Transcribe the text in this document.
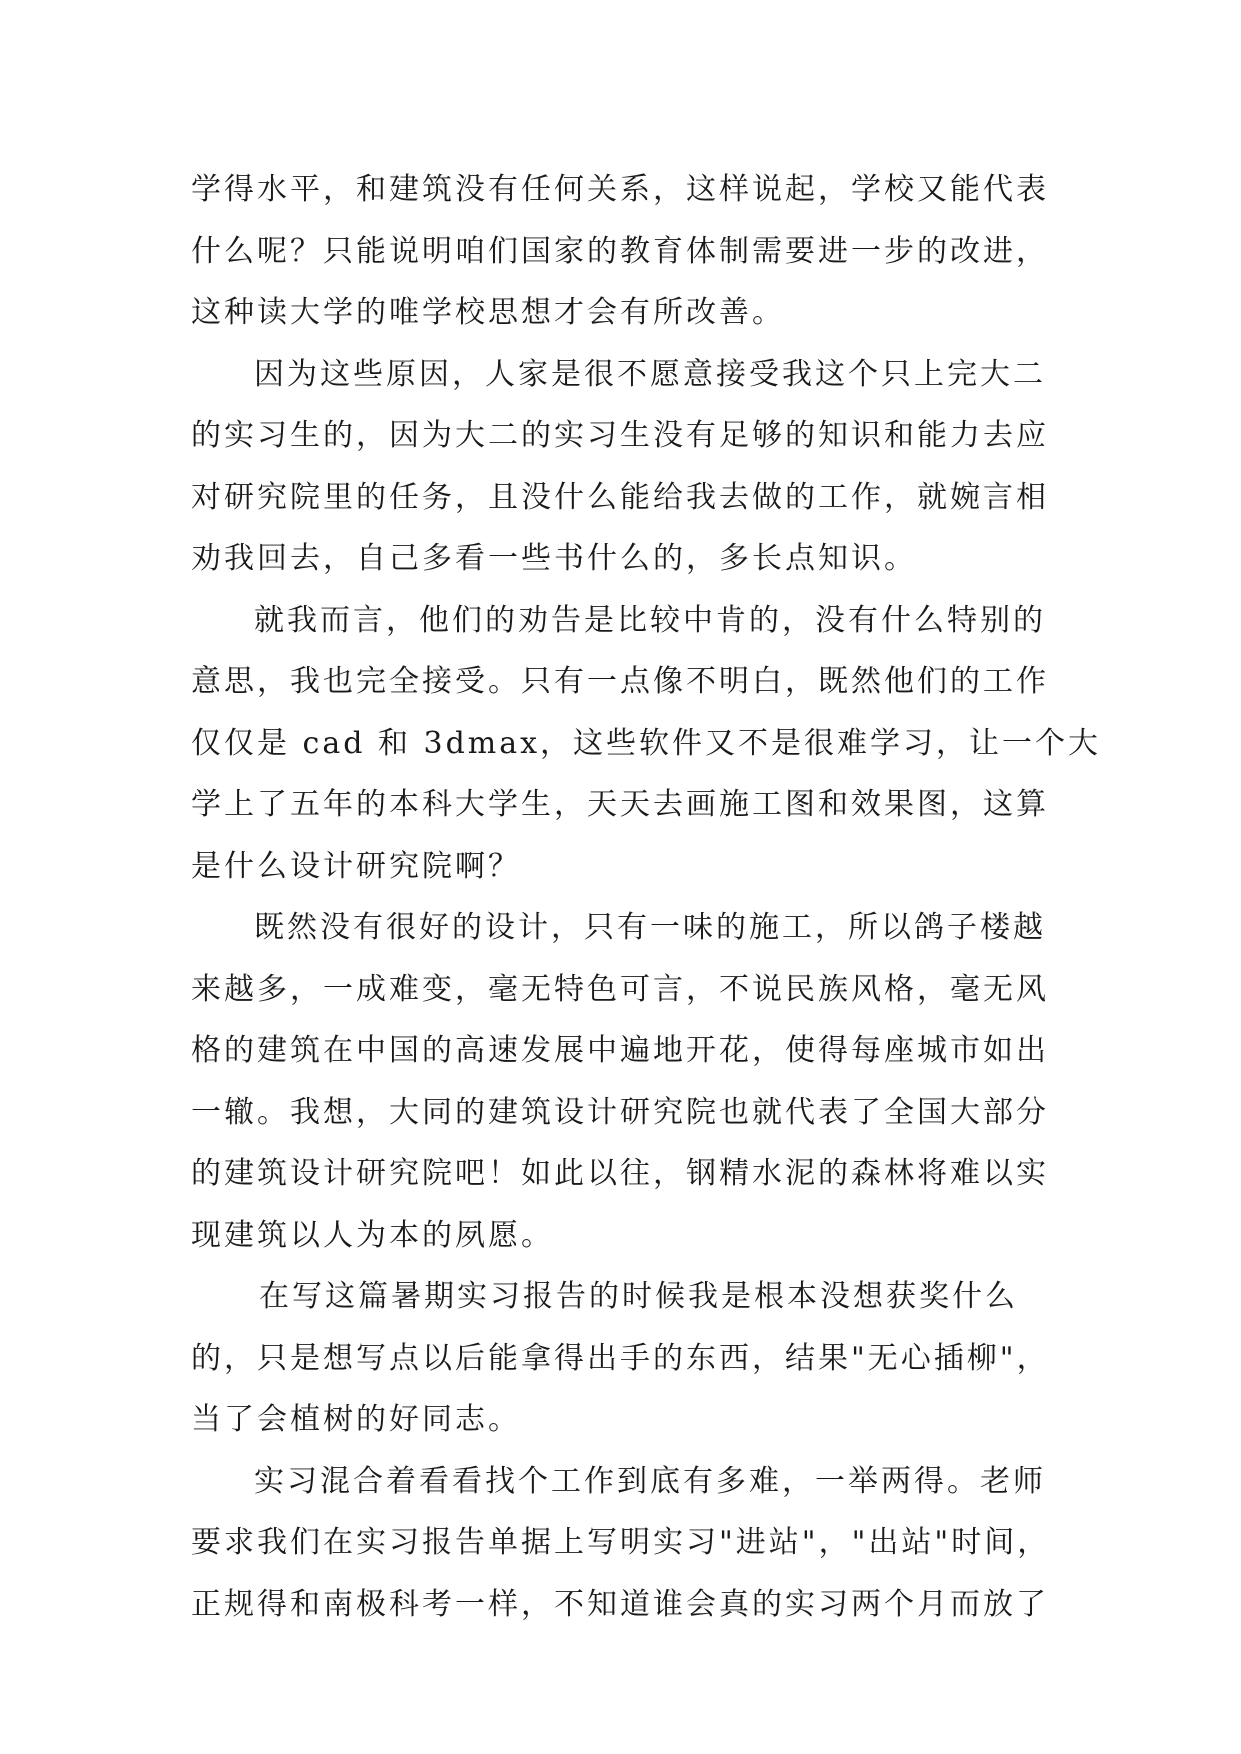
学得水平，和建筑没有任何关系，这样说起，学校又能代表
什么呢？只能说明咱们国家的教育体制需要进一步的改进，
这种读大学的唯学校思想才会有所改善。
因为这些原因，人家是很不愿意接受我这个只上完大二
的实习生的，因为大二的实习生没有足够的知识和能力去应
对研究院里的任务，且没什么能给我去做的工作，就婉言相
劝我回去，自己多看一些书什么的，多长点知识。
就我而言，他们的劝告是比较中肯的，没有什么特别的
意思，我也完全接受。只有一点像不明白，既然他们的工作
仅仅是 cad 和 3dmax，这些软件又不是很难学习，让一个大
学上了五年的本科大学生，天天去画施工图和效果图，这算
是什么设计研究院啊？
既然没有很好的设计，只有一味的施工，所以鸽子楼越
来越多，一成难变，毫无特色可言，不说民族风格，毫无风
格的建筑在中国的高速发展中遍地开花，使得每座城市如出
一辙。我想，大同的建筑设计研究院也就代表了全国大部分
的建筑设计研究院吧！如此以往，钢精水泥的森林将难以实
现建筑以人为本的夙愿。
在写这篇暑期实习报告的时候我是根本没想获奖什么
的，只是想写点以后能拿得出手的东西，结果"无心插柳"，
当了会植树的好同志。
实习混合着看看找个工作到底有多难，一举两得。老师
要求我们在实习报告单据上写明实习"进站"，"出站"时间，
正规得和南极科考一样，不知道谁会真的实习两个月而放了
